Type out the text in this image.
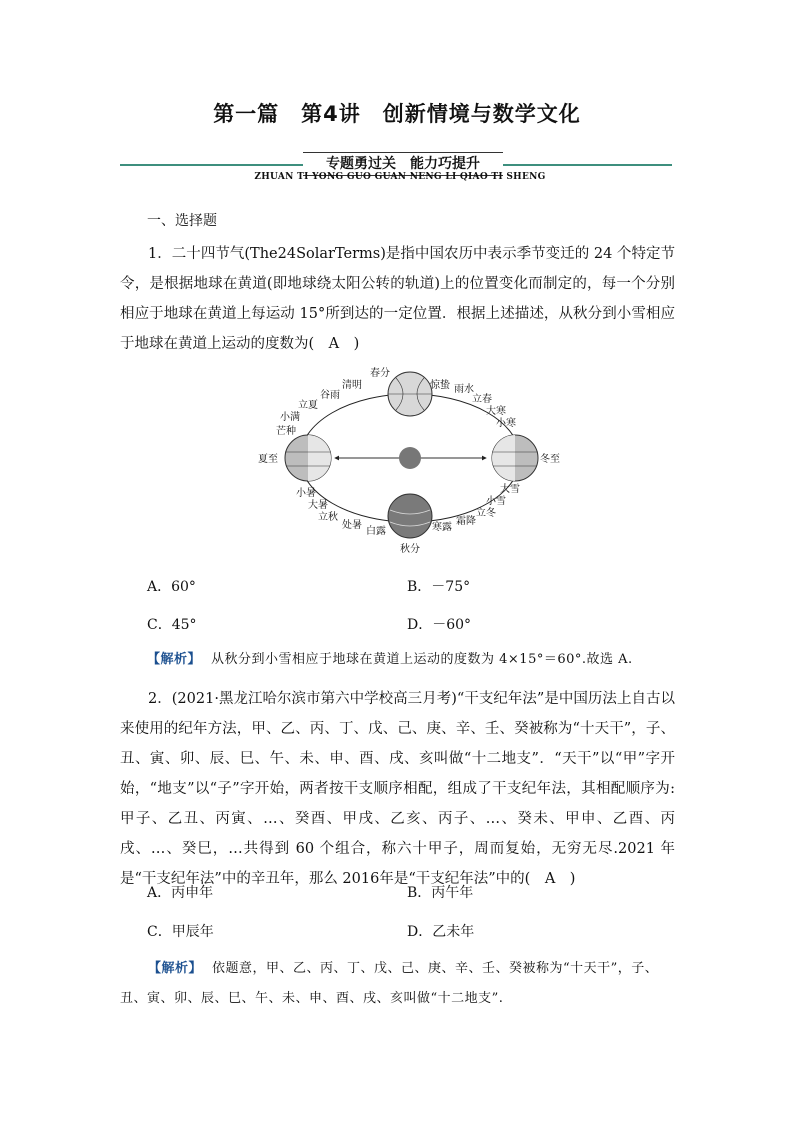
第一篇　第4讲　创新情境与数学文化
专题勇过关　能力巧提升
ZHUAN TI YONG GUO GUAN NENG LI QIAO TI SHENG
一、选择题
1．二十四节气(The24SolarTerms)是指中国农历中表示季节变迁的 24 个特定节令，是根据地球在黄道(即地球绕太阳公转的轨道)上的位置变化而制定的，每一个分别相应于地球在黄道上每运动 15°所到达的一定位置．根据上述描述，从秋分到小雪相应于地球在黄道上运动的度数为(　A　)
春分
清明
谷雨
立夏
小满
芒种
夏至
小暑
大暑
立秋
处暑
白露
秋分
寒露
霜降
立冬
小雪
大雪
冬至
小寒
大寒
立春
雨水
惊蛰
A．60°	B．－75°
C．45°	D．－60°
【解析】 从秋分到小雪相应于地球在黄道上运动的度数为 4×15°＝60°.故选 A.
2．(2021·黑龙江哈尔滨市第六中学校高三月考)“干支纪年法”是中国历法上自古以来使用的纪年方法，甲、乙、丙、丁、戊、己、庚、辛、壬、癸被称为“十天干”，子、丑、寅、卯、辰、巳、午、未、申、酉、戌、亥叫做“十二地支”．“天干”以“甲”字开始，“地支”以“子”字开始，两者按干支顺序相配，组成了干支纪年法，其相配顺序为: 甲子、乙丑、丙寅、…、癸酉、甲戌、乙亥、丙子、…、癸未、甲申、乙酉、丙戌、…、癸巳，…共得到 60 个组合，称六十甲子，周而复始，无穷无尽.2021 年是“干支纪年法”中的辛丑年，那么 2016年是“干支纪年法”中的(　A　)
A．丙申年	B．丙午年
C．甲辰年	D．乙未年
【解析】 依题意，甲、乙、丙、丁、戊、己、庚、辛、壬、癸被称为“十天干”，子、丑、寅、卯、辰、巳、午、未、申、酉、戌、亥叫做“十二地支”.
